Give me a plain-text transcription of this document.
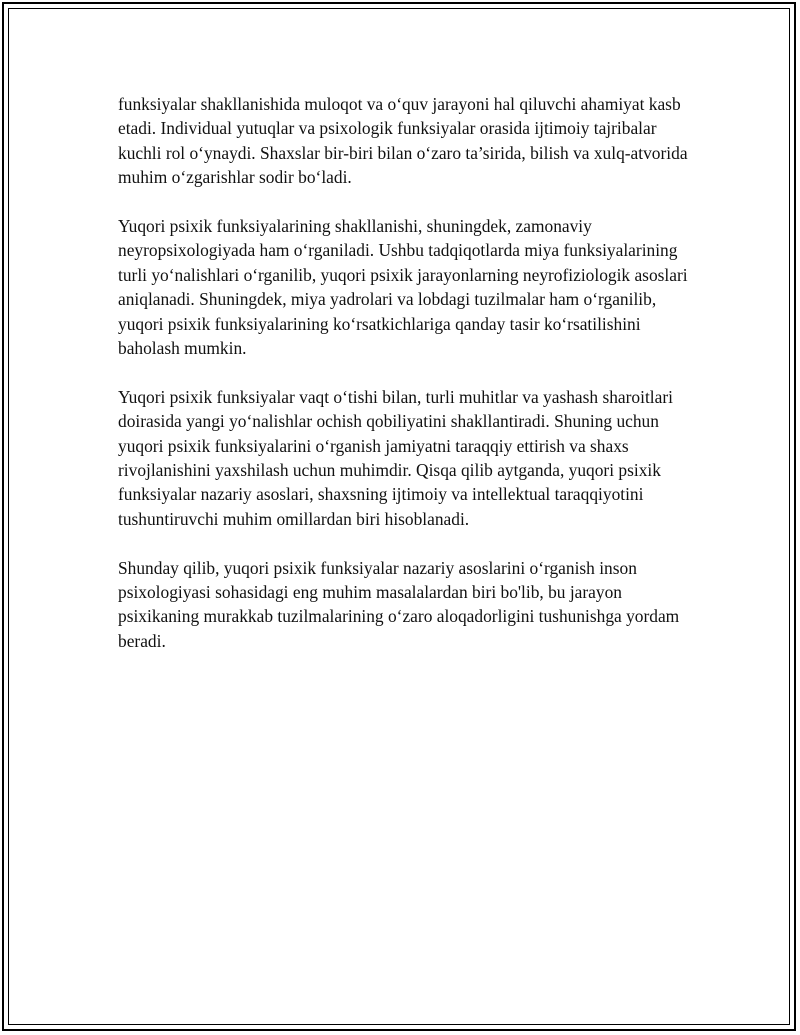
funksiyalar shakllanishida muloqot va o‘quv jarayoni hal qiluvchi ahamiyat kasb etadi. Individual yutuqlar va psixologik funksiyalar orasida ijtimoiy tajribalar kuchli rol o‘ynaydi. Shaxslar bir-biri bilan o‘zaro ta’sirida, bilish va xulq-atvorida muhim o‘zgarishlar sodir bo‘ladi.

Yuqori psixik funksiyalarining shakllanishi, shuningdek, zamonaviy neyropsixologiyada ham o‘rganiladi. Ushbu tadqiqotlarda miya funksiyalarining turli yo‘nalishlari o‘rganilib, yuqori psixik jarayonlarning neyrofiziologik asoslari aniqlanadi. Shuningdek, miya yadrolari va lobdagi tuzilmalar ham o‘rganilib, yuqori psixik funksiyalarining ko‘rsatkichlariga qanday tasir ko‘rsatilishini baholash mumkin.

Yuqori psixik funksiyalar vaqt o‘tishi bilan, turli muhitlar va yashash sharoitlari doirasida yangi yo‘nalishlar ochish qobiliyatini shakllantiradi. Shuning uchun yuqori psixik funksiyalarini o‘rganish jamiyatni taraqqiy ettirish va shaxs rivojlanishini yaxshilash uchun muhimdir. Qisqa qilib aytganda, yuqori psixik funksiyalar nazariy asoslari, shaxsning ijtimoiy va intellektual taraqqiyotini tushuntiruvchi muhim omillardan biri hisoblanadi.

Shunday qilib, yuqori psixik funksiyalar nazariy asoslarini o‘rganish inson psixologiyasi sohasidagi eng muhim masalalardan biri bo'lib, bu jarayon psixikaning murakkab tuzilmalarining o‘zaro aloqadorligini tushunishga yordam beradi.
